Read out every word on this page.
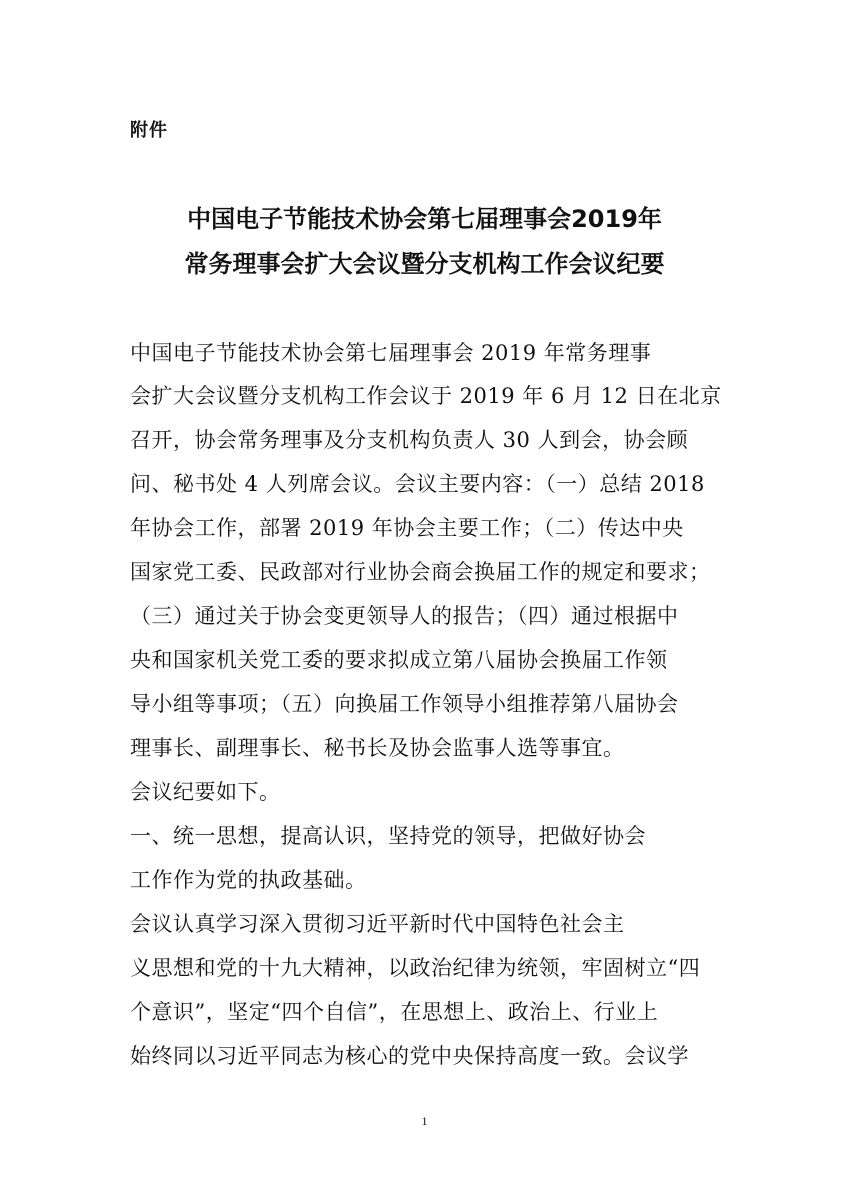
附件
中国电子节能技术协会第七届理事会2019年
常务理事会扩大会议暨分支机构工作会议纪要
中国电子节能技术协会第七届理事会 2019 年常务理事
会扩大会议暨分支机构工作会议于 2019 年 6 月 12 日在北京
召开，协会常务理事及分支机构负责人 30 人到会，协会顾
问、秘书处 4 人列席会议。会议主要内容：（一）总结 2018
年协会工作，部署 2019 年协会主要工作；（二）传达中央
国家党工委、民政部对行业协会商会换届工作的规定和要求；
（三）通过关于协会变更领导人的报告；（四）通过根据中
央和国家机关党工委的要求拟成立第八届协会换届工作领
导小组等事项；（五）向换届工作领导小组推荐第八届协会
理事长、副理事长、秘书长及协会监事人选等事宜。
会议纪要如下。
一、统一思想，提高认识，坚持党的领导，把做好协会
工作作为党的执政基础。
会议认真学习深入贯彻习近平新时代中国特色社会主
义思想和党的十九大精神，以政治纪律为统领，牢固树立“四
个意识”，坚定“四个自信”，在思想上、政治上、行业上
始终同以习近平同志为核心的党中央保持高度一致。会议学
1
